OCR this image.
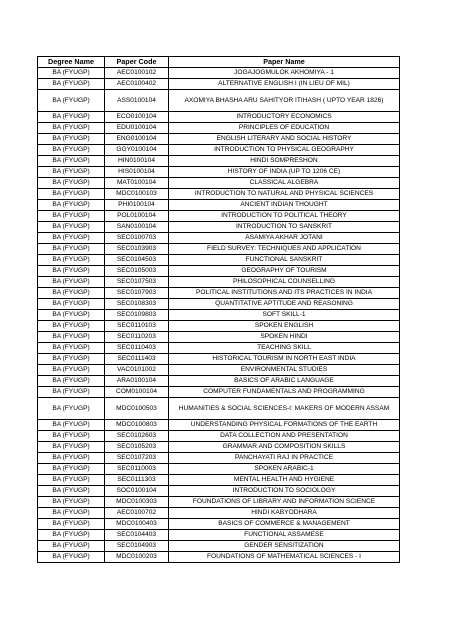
Degree Name	Paper Code	Paper Name
BA (FYUGP)	AEC0100102	JOGAJOGMULOK AKHOMIYA - 1
BA (FYUGP)	AEC0100402	ALTERNATIVE ENGLISH I (IN LIEU OF MIL)
BA (FYUGP)	ASS0100104	AXOMIYA BHASHA ARU SAHITYOR ITIHASH ( UPTO YEAR 1826)
BA (FYUGP)	ECO0100104	INTRODUCTORY ECONOMICS
BA (FYUGP)	EDU0100104	PRINCIPLES OF EDUCATION
BA (FYUGP)	ENG0100104	ENGLISH LITERARY AND SOCIAL HISTORY
BA (FYUGP)	GGY0100104	INTRODUCTION TO PHYSICAL GEOGRAPHY
BA (FYUGP)	HIN0100104	HINDI SOMPRESHON
BA (FYUGP)	HIS0100104	HISTORY OF INDIA (UP TO 1206 CE)
BA (FYUGP)	MAT0100104	CLASSICAL ALGEBRA
BA (FYUGP)	MDC0100103	INTRODUCTION TO NATURAL AND PHYSICAL SCIENCES
BA (FYUGP)	PHI0100104	ANCIENT INDIAN THOUGHT
BA (FYUGP)	POL0100104	INTRODUCTION TO POLITICAL THEORY
BA (FYUGP)	SAN0100104	INTRODUCTION TO SANSKRIT
BA (FYUGP)	SEC0100703	ASAMIYA AKHAR JOTANI
BA (FYUGP)	SEC0103903	FIELD SURVEY: TECHNIQUES AND APPLICATION
BA (FYUGP)	SEC0104503	FUNCTIONAL SANSKRIT
BA (FYUGP)	SEC0105003	GEOGRAPHY OF TOURISM
BA (FYUGP)	SEC0107503	PHILOSOPHICAL COUNSELLING
BA (FYUGP)	SEC0107903	POLITICAL INSTITUTIONS AND ITS PRACTICES IN INDIA
BA (FYUGP)	SEC0108303	QUANTITATIVE APTITUDE AND REASONING
BA (FYUGP)	SEC0109803	SOFT SKILL-1
BA (FYUGP)	SEC0110103	SPOKEN ENGLISH
BA (FYUGP)	SEC0110203	SPOKEN HINDI
BA (FYUGP)	SEC0110403	TEACHING SKILL
BA (FYUGP)	SEC0111403	HISTORICAL TOURISM IN NORTH EAST INDIA
BA (FYUGP)	VAC0101002	ENVIRONMENTAL STUDIES
BA (FYUGP)	ARA0100104	BASICS OF ARABIC LANGUAGE
BA (FYUGP)	COM0100104	COMPUTER FUNDAMENTALS AND PROGRAMMING
BA (FYUGP)	MDC0100503	HUMANITIES & SOCIAL SCIENCES-I: MAKERS OF MODERN ASSAM
BA (FYUGP)	MDC0100803	UNDERSTANDING PHYSICAL FORMATIONS OF THE EARTH
BA (FYUGP)	SEC0102603	DATA COLLECTION AND PRESENTATION
BA (FYUGP)	SEC0105203	GRAMMAR AND COMPOSITION SKILLS
BA (FYUGP)	SEC0107203	PANCHAYATI RAJ IN PRACTICE
BA (FYUGP)	SEC0110003	SPOKEN ARABIC-1
BA (FYUGP)	SEC0111303	MENTAL HEALTH AND HYGIENE
BA (FYUGP)	SOC0100104	INTRODUCTION TO SOCIOLOGY
BA (FYUGP)	MDC0100303	FOUNDATIONS OF LIBRARY AND INFORMATION SCIENCE
BA (FYUGP)	AEC0100702	HINDI KABYODHARA
BA (FYUGP)	MDC0100403	BASICS OF COMMERCE & MANAGEMENT
BA (FYUGP)	SEC0104403	FUNCTIONAL ASSAMESE
BA (FYUGP)	SEC0104903	GENDER SENSITIZATION
BA (FYUGP)	MDC0100203	FOUNDATIONS OF MATHEMATICAL SCIENCES - I
